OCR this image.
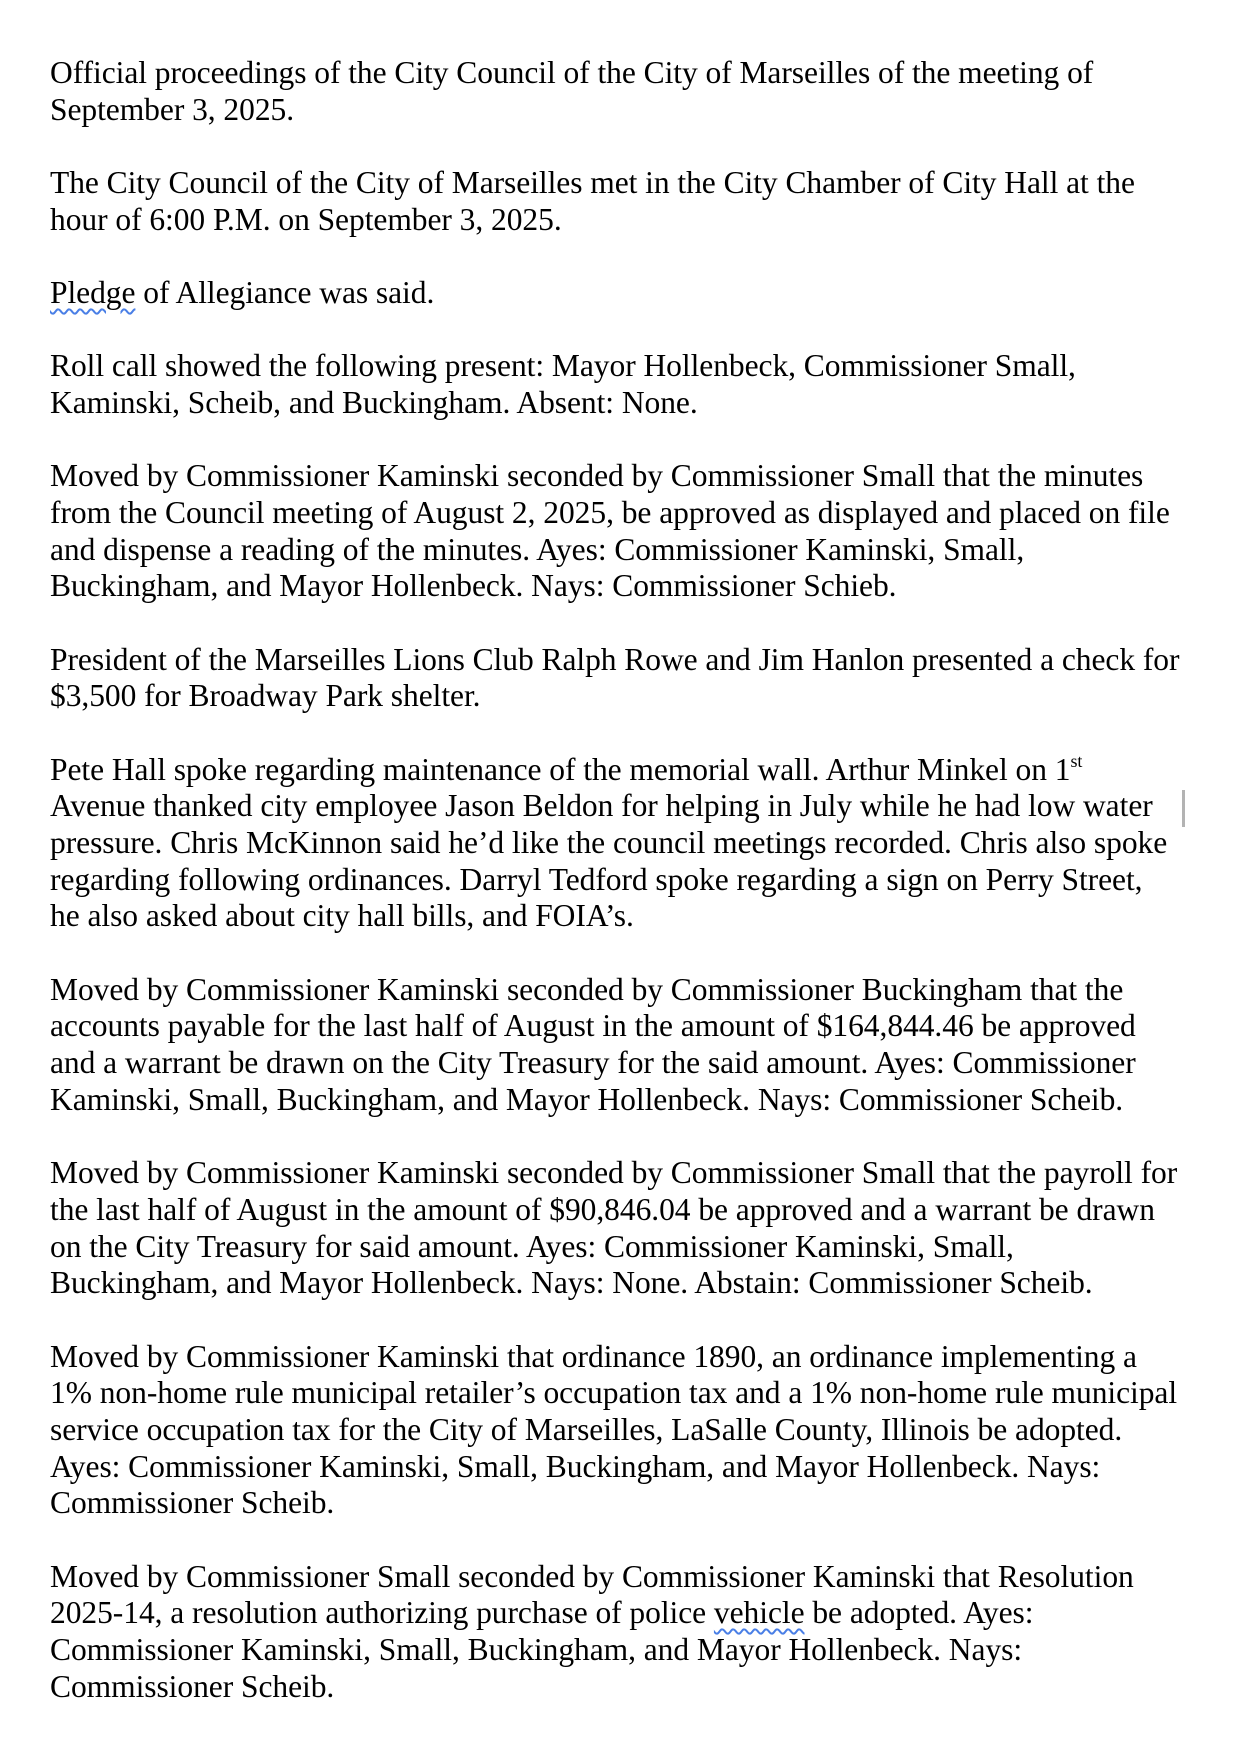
Official proceedings of the City Council of the City of Marseilles of the meeting of
September 3, 2025.

The City Council of the City of Marseilles met in the City Chamber of City Hall at the
hour of 6:00 P.M. on September 3, 2025.

Pledge of Allegiance was said.

Roll call showed the following present: Mayor Hollenbeck, Commissioner Small,
Kaminski, Scheib, and Buckingham. Absent: None.

Moved by Commissioner Kaminski seconded by Commissioner Small that the minutes
from the Council meeting of August 2, 2025, be approved as displayed and placed on file
and dispense a reading of the minutes. Ayes: Commissioner Kaminski, Small,
Buckingham, and Mayor Hollenbeck. Nays: Commissioner Schieb.

President of the Marseilles Lions Club Ralph Rowe and Jim Hanlon presented a check for
$3,500 for Broadway Park shelter.

Pete Hall spoke regarding maintenance of the memorial wall. Arthur Minkel on 1st
Avenue thanked city employee Jason Beldon for helping in July while he had low water
pressure. Chris McKinnon said he’d like the council meetings recorded. Chris also spoke
regarding following ordinances. Darryl Tedford spoke regarding a sign on Perry Street,
he also asked about city hall bills, and FOIA’s.

Moved by Commissioner Kaminski seconded by Commissioner Buckingham that the
accounts payable for the last half of August in the amount of $164,844.46 be approved
and a warrant be drawn on the City Treasury for the said amount. Ayes: Commissioner
Kaminski, Small, Buckingham, and Mayor Hollenbeck. Nays: Commissioner Scheib.

Moved by Commissioner Kaminski seconded by Commissioner Small that the payroll for
the last half of August in the amount of $90,846.04 be approved and a warrant be drawn
on the City Treasury for said amount. Ayes: Commissioner Kaminski, Small,
Buckingham, and Mayor Hollenbeck. Nays: None. Abstain: Commissioner Scheib.

Moved by Commissioner Kaminski that ordinance 1890, an ordinance implementing a
1% non-home rule municipal retailer’s occupation tax and a 1% non-home rule municipal
service occupation tax for the City of Marseilles, LaSalle County, Illinois be adopted.
Ayes: Commissioner Kaminski, Small, Buckingham, and Mayor Hollenbeck. Nays:
Commissioner Scheib.

Moved by Commissioner Small seconded by Commissioner Kaminski that Resolution
2025-14, a resolution authorizing purchase of police vehicle be adopted. Ayes:
Commissioner Kaminski, Small, Buckingham, and Mayor Hollenbeck. Nays:
Commissioner Scheib.
